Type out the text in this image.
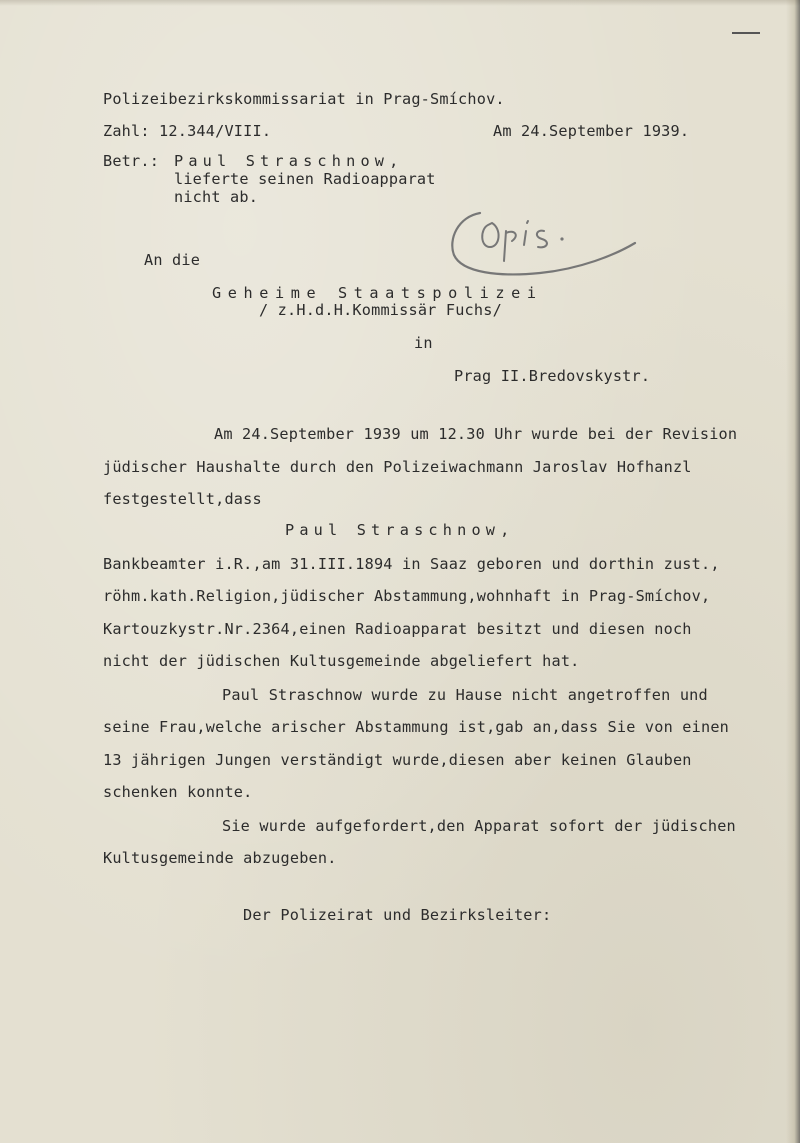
Polizeibezirkskommissariat in Prag-Smíchov.
Zahl: 12.344/VIII.	Am 24.September 1939.
Betr.: Paul Straschnow,
lieferte seinen Radioapparat
nicht ab.
An die
Geheime Staatspolizei
/ z.H.d.H.Kommissär Fuchs/
in
Prag II.Bredovskystr.
Am 24.September 1939 um 12.30 Uhr wurde bei der Revision
jüdischer Haushalte durch den Polizeiwachmann Jaroslav Hofhanzl
festgestellt,dass
Paul Straschnow,
Bankbeamter i.R.,am 31.III.1894 in Saaz geboren und dorthin zust.,
röhm.kath.Religion,jüdischer Abstammung,wohnhaft in Prag-Smíchov,
Kartouzkystr.Nr.2364,einen Radioapparat besitzt und diesen noch
nicht der jüdischen Kultusgemeinde abgeliefert hat.
Paul Straschnow wurde zu Hause nicht angetroffen und
seine Frau,welche arischer Abstammung ist,gab an,dass Sie von einen
13 jährigen Jungen verständigt wurde,diesen aber keinen Glauben
schenken konnte.
Sie wurde aufgefordert,den Apparat sofort der jüdischen
Kultusgemeinde abzugeben.
Der Polizeirat und Bezirksleiter:
